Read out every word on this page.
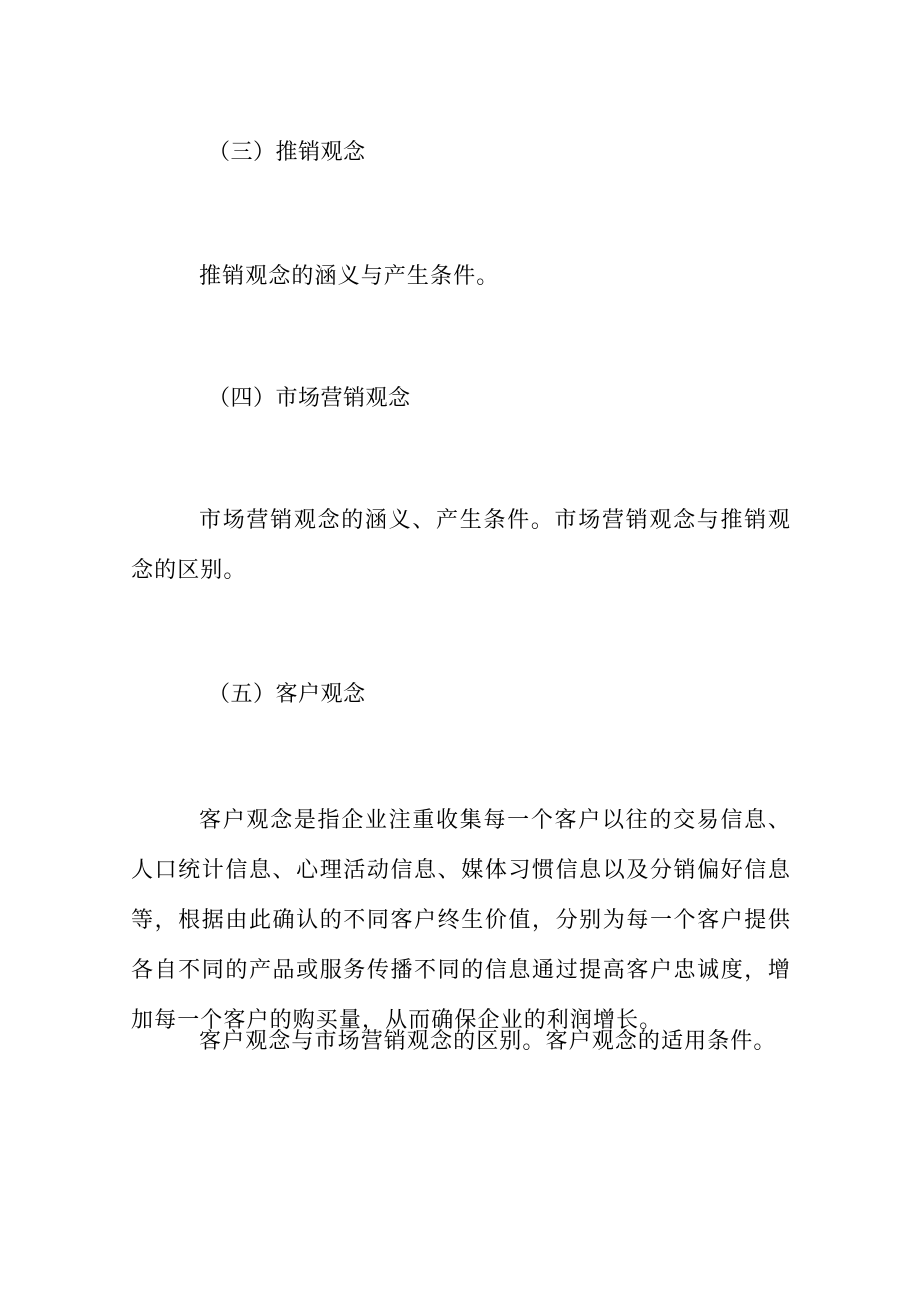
（三）推销观念
推销观念的涵义与产生条件。
（四）市场营销观念
市场营销观念的涵义、产生条件。市场营销观念与推销观念的区别。
（五）客户观念
客户观念是指企业注重收集每一个客户以往的交易信息、人口统计信息、心理活动信息、媒体习惯信息以及分销偏好信息等，根据由此确认的不同客户终生价值，分别为每一个客户提供各自不同的产品或服务传播不同的信息通过提高客户忠诚度，增加每一个客户的购买量，从而确保企业的利润增长。
客户观念与市场营销观念的区别。客户观念的适用条件。
